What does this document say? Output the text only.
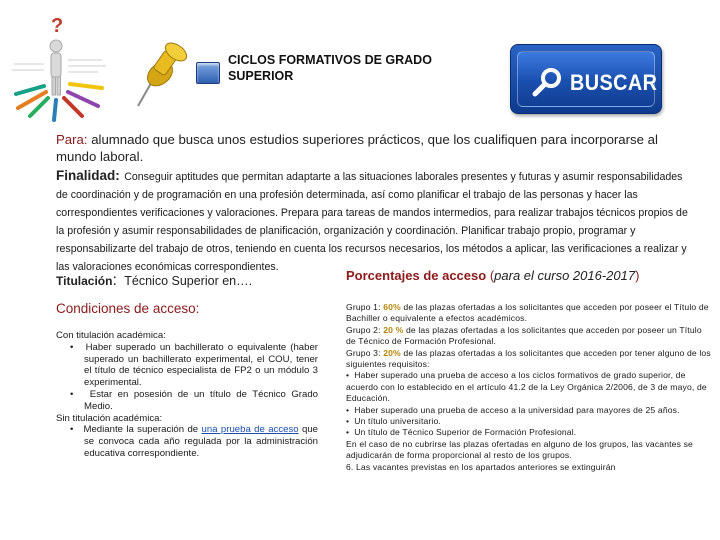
?
CICLOS FORMATIVOS DE GRADO SUPERIOR	BUSCAR
Para: alumnado que busca unos estudios superiores prácticos, que los cualifiquen para incorporarse al mundo laboral.
Finalidad: Conseguir aptitudes que permitan adaptarte a las situaciones laborales presentes y futuras y asumir responsabilidades de coordinación y de programación en una profesión determinada, así como planificar el trabajo de las personas y hacer las correspondientes verificaciones y valoraciones. Prepara para tareas de mandos intermedios, para realizar trabajos técnicos propios de la profesión y asumir responsabilidades de planificación, organización y coordinación. Planificar trabajo propio, programar y responsabilizarte del trabajo de otros, teniendo en cuenta los recursos necesarios, los métodos a aplicar, las verificaciones a realizar y las valoraciones económicas correspondientes.
Titulación: Técnico Superior en….
Condiciones de acceso:

Con titulación académica:

•   Haber superado un bachillerato o equivalente (haber superado un bachillerato experimental, el COU, tener el título de técnico especialista de FP2 o un módulo 3 experimental.

•   Estar en posesión de un título de Técnico Grado Medio.

Sin titulación académica:

•   Mediante la superación de una prueba de acceso que se convoca cada año regulada por la administración educativa correspondiente.

Porcentajes de acceso (para el curso 2016-2017)

Grupo 1: 60% de las plazas ofertadas a los solicitantes que acceden por poseer el Título de Bachiller o equivalente a efectos académicos.

Grupo 2: 20 % de las plazas ofertadas a los solicitantes que acceden por poseer un Título de Técnico de Formación Profesional.

Grupo 3: 20% de las plazas ofertadas a los solicitantes que acceden por tener alguno de los siguientes requisitos:

•  Haber superado una prueba de acceso a los ciclos formativos de grado superior, de acuerdo con lo establecido en el artículo 41.2 de la Ley Orgánica 2/2006, de 3 de mayo, de Educación.

•  Haber superado una prueba de acceso a la universidad para mayores de 25 años.

•  Un título universitario.

•  Un título de Técnico Superior de Formación Profesional.

En el caso de no cubrirse las plazas ofertadas en alguno de los grupos, las vacantes se adjudicarán de forma proporcional al resto de los grupos.

6. Las vacantes previstas en los apartados anteriores se extinguirán
